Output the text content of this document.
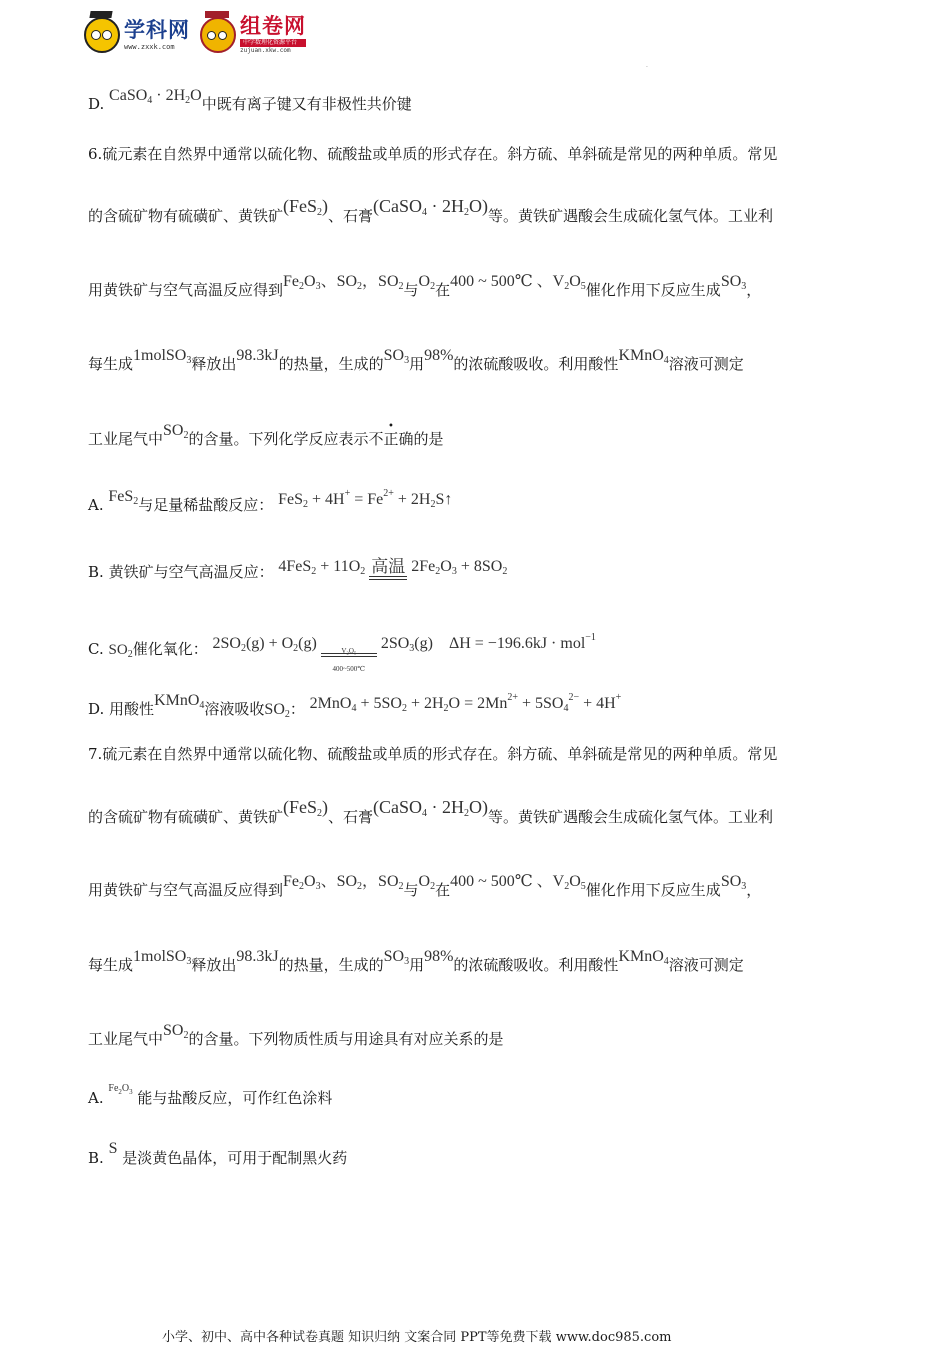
学科网
www.zxxk.com
组卷网
中学数理化资源平台
zujuan.xkw.com
.
D. CaSO$_4$ · $2H_2O$中既有离子键又有非极性共价键
6.硫元素在自然界中通常以硫化物、硫酸盐或单质的形式存在。斜方硫、单斜硫是常见的两种单质。常见
的含硫矿物有硫磺矿、黄铁矿(FeS$_2$)、石膏(CaSO$_4$ · $2H_2O$)等。黄铁矿遇酸会生成硫化氢气体。工业利
用黄铁矿与空气高温反应得到$Fe_2O_3$、$SO_2$，$SO_2$与$O_2$在400 ~ 500℃ 、$V_2O_5$催化作用下反应生成$SO_3$，
每生成1molSO$_3$释放出98.3kJ的热量，生成的$SO_3$用98%的浓硫酸吸收。利用酸性KMnO$_4$溶液可测定
工业尾气中$SO_2$的含量。下列化学反应表示不正确的是
A. FeS$_2$与足量稀盐酸反应： $FeS_2 + 4H^+ = Fe^{2+}$ + $2H_2S↑$
B. 黄铁矿与空气高温反应： $4FeS_2 + 11O_2$ 高温 $2Fe_2O_3 + 8SO_2$
C. $SO_2$催化氧化： $2SO_2(g) + O_2(g) \frac{\text{V₂O₅}}{400\sim 500℃} 2SO_3(g)$    ΔH = −196.6kJ · mol$^{-1}$
D. 用酸性KMnO$_4$溶液吸收$SO_2$： $2MnO_4 + 5SO_2 + 2H_2O = 2Mn^{2+} + 5SO_4^{2-} + 4H^+$
7.硫元素在自然界中通常以硫化物、硫酸盐或单质的形式存在。斜方硫、单斜硫是常见的两种单质。常见
的含硫矿物有硫磺矿、黄铁矿(FeS$_2$)、石膏(CaSO$_4$ · $2H_2O$)等。黄铁矿遇酸会生成硫化氢气体。工业利
用黄铁矿与空气高温反应得到$Fe_2O_3$、$SO_2$，$SO_2$与$O_2$在400 ~ 500℃ 、$V_2O_5$催化作用下反应生成$SO_3$，
每生成1molSO$_3$释放出98.3kJ的热量，生成的$SO_3$用98%的浓硫酸吸收。利用酸性KMnO$_4$溶液可测定
工业尾气中$SO_2$的含量。下列物质性质与用途具有对应关系的是
A. $^{Fe_2O_3}$ 能与盐酸反应，可作红色涂料
B. S 是淡黄色晶体，可用于配制黑火药
小学、初中、高中各种试卷真题 知识归纳 文案合同 PPT等免费下载 www.doc985.com
